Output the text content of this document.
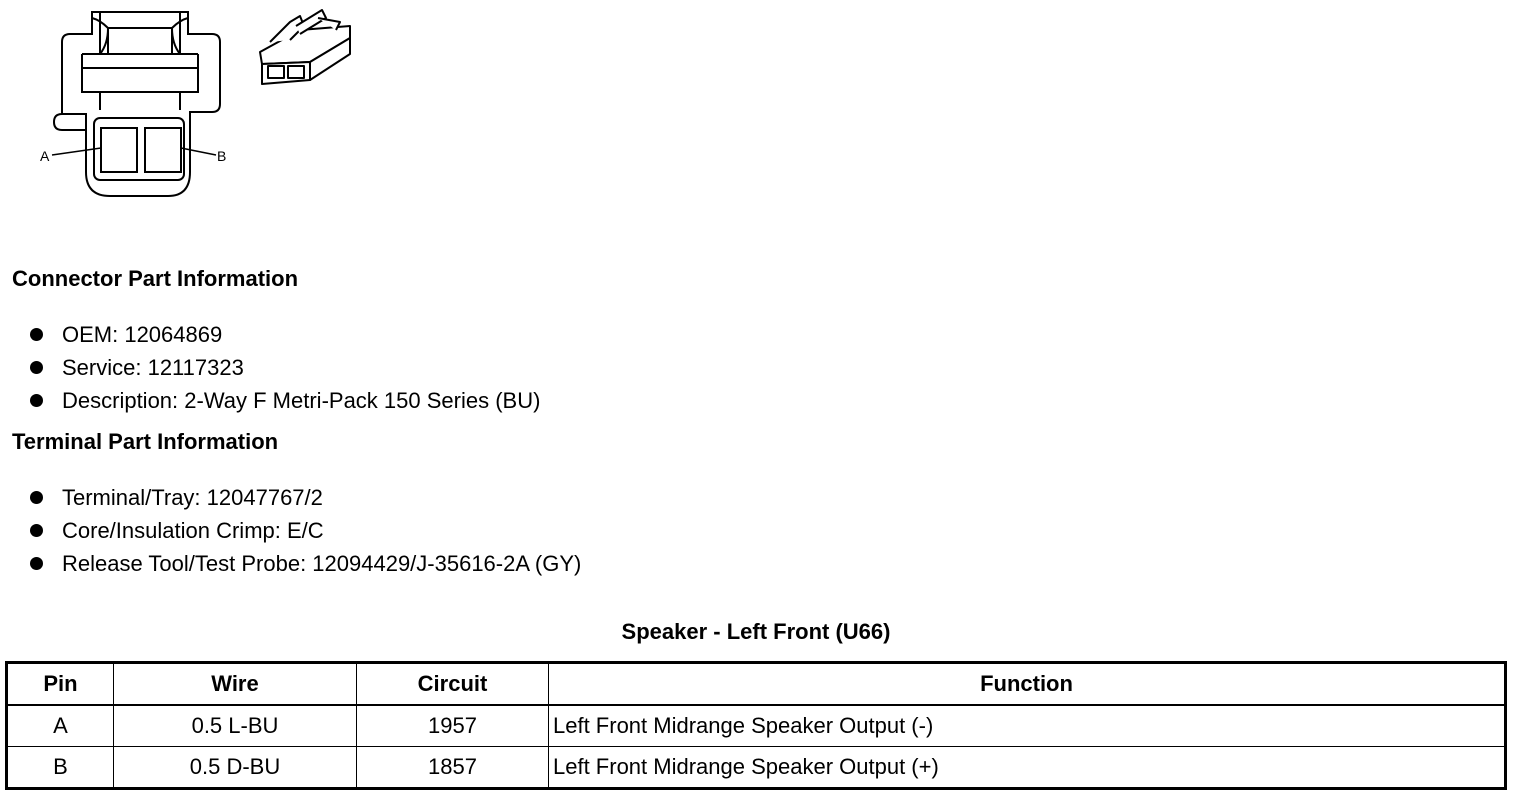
A	B
Connector Part Information
OEM: 12064869
Service: 12117323
Description: 2-Way F Metri-Pack 150 Series (BU)
Terminal Part Information
Terminal/Tray: 12047767/2
Core/Insulation Crimp: E/C
Release Tool/Test Probe: 12094429/J-35616-2A (GY)
Speaker - Left Front (U66)
Pin	Wire	Circuit	Function
A	0.5 L-BU	1957	Left Front Midrange Speaker Output (-)
B	0.5 D-BU	1857	Left Front Midrange Speaker Output (+)
